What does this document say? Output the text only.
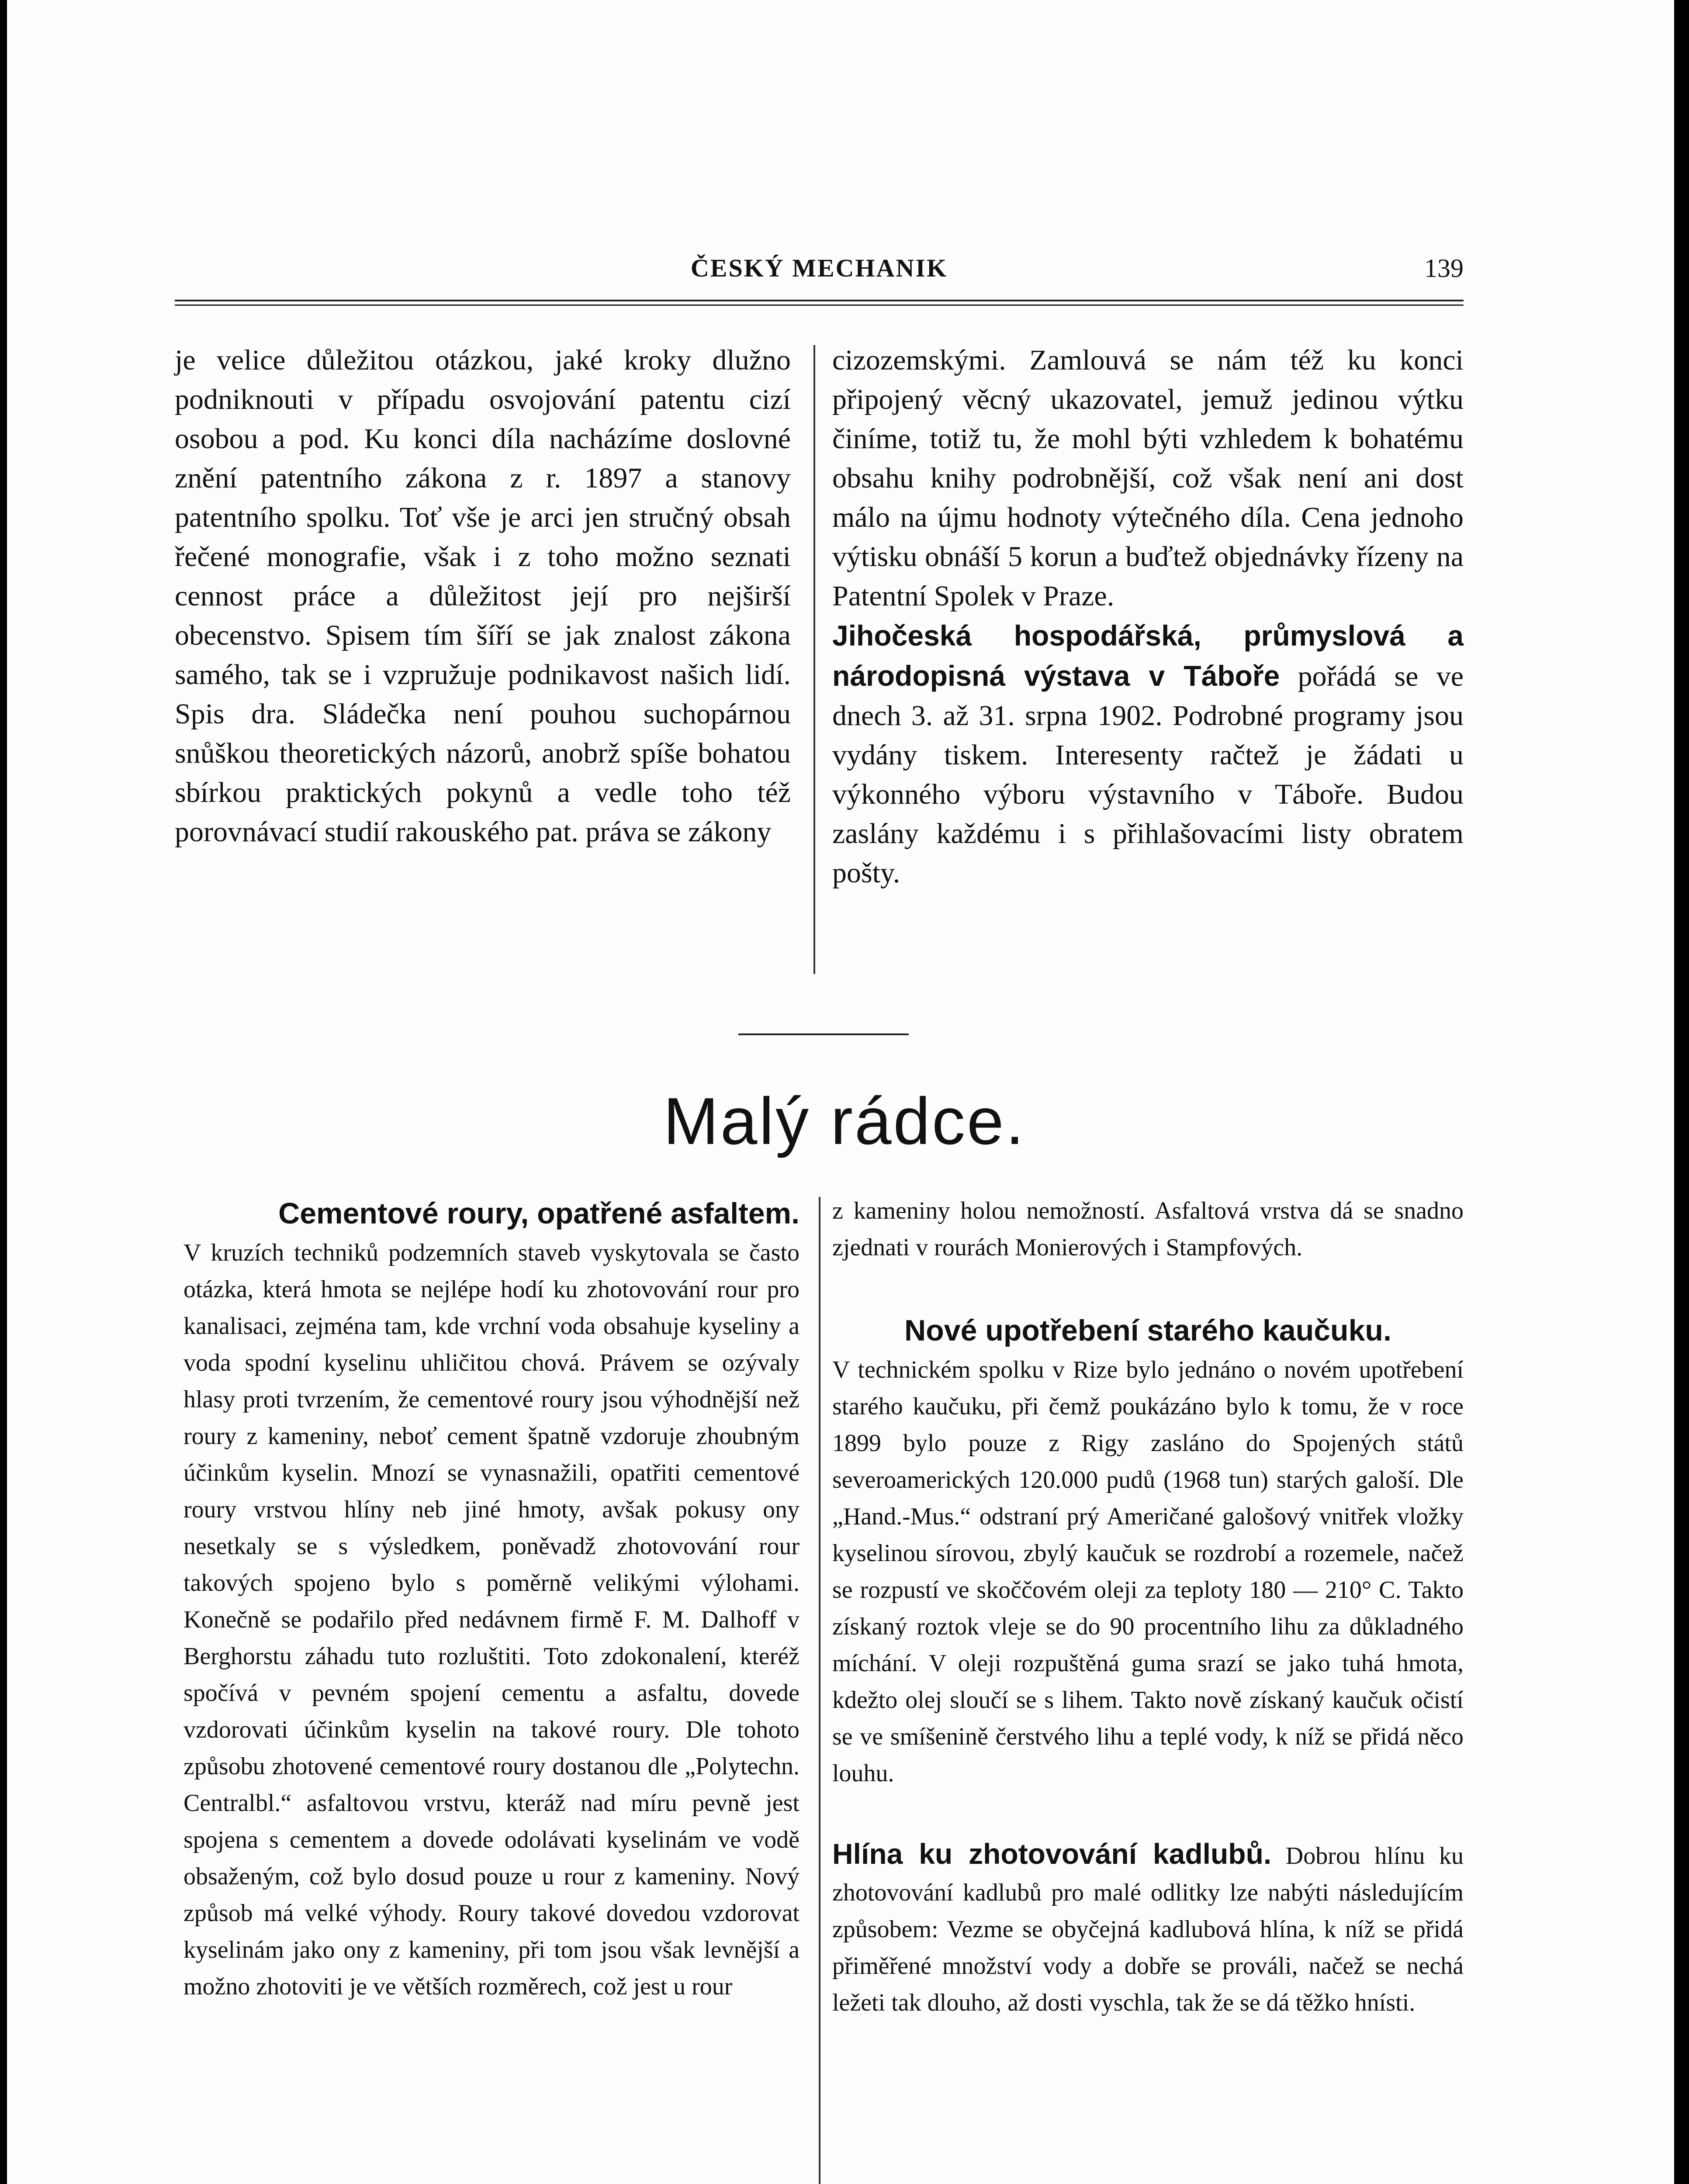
ČESKÝ MECHANIK	139

je velice důležitou otázkou, jaké kroky dlužno podniknouti v případu osvojování patentu cizí osobou a pod. Ku konci díla nacházíme doslovné znění patentního zákona z r. 1897 a stanovy patentního spolku. Toť vše je arci jen stručný obsah řečené monografie, však i z toho možno seznati cennost práce a důležitost její pro nejširší obecenstvo. Spisem tím šíří se jak znalost zákona samého, tak se i vzpružuje podnikavost našich lidí. Spis dra. Sládečka není pouhou suchopárnou snůškou theoretických názorů, anobrž spíše bohatou sbírkou praktických pokynů a vedle toho též porovnávací studií rakouského pat. práva se zákony

cizozemskými. Zamlouvá se nám též ku konci připojený věcný ukazovatel, jemuž jedinou výtku činíme, totiž tu, že mohl býti vzhledem k bohatému obsahu knihy podrobnější, což však není ani dost málo na újmu hodnoty výtečného díla. Cena jednoho výtisku obnáší 5 korun a buďtež objednávky řízeny na Patentní Spolek v Praze.

Jihočeská hospodářská, průmyslová a národopisná výstava v Táboře pořádá se ve dnech 3. až 31. srpna 1902. Podrobné programy jsou vydány tiskem. Interesenty račtež je žádati u výkonného výboru výstavního v Táboře. Budou zaslány každému i s přihlašovacími listy obratem pošty.

Malý rádce.
Cementové roury, opatřené asfaltem.

V kruzích techniků podzemních staveb vyskytovala se často otázka, která hmota se nejlépe hodí ku zhotovování rour pro kanalisaci, zejména tam, kde vrchní voda obsahuje kyseliny a voda spodní kyselinu uhličitou chová. Právem se ozývaly hlasy proti tvrzením, že cementové roury jsou výhodnější než roury z kameniny, neboť cement špatně vzdoruje zhoubným účinkům kyselin. Mnozí se vynasnažili, opatřiti cementové roury vrstvou hlíny neb jiné hmoty, avšak pokusy ony nesetkaly se s výsledkem, poněvadž zhotovování rour takových spojeno bylo s poměrně velikými výlohami. Konečně se podařilo před nedávnem firmě F. M. Dalhoff v Berghorstu záhadu tuto rozluštiti. Toto zdokonalení, kteréž spočívá v pevném spojení cementu a asfaltu, dovede vzdorovati účinkům kyselin na takové roury. Dle tohoto způsobu zhotovené cementové roury dostanou dle „Polytechn. Centralbl.“ asfaltovou vrstvu, kteráž nad míru pevně jest spojena s cementem a dovede odolávati kyselinám ve vodě obsaženým, což bylo dosud pouze u rour z kameniny. Nový způsob má velké výhody. Roury takové dovedou vzdorovat kyselinám jako ony z kameniny, při tom jsou však levnější a možno zhotoviti je ve větších rozměrech, což jest u rour

z kameniny holou nemožností. Asfaltová vrstva dá se snadno zjednati v rourách Monierových i Stampfových.

Nové upotřebení starého kaučuku.

V technickém spolku v Rize bylo jednáno o novém upotřebení starého kaučuku, při čemž poukázáno bylo k tomu, že v roce 1899 bylo pouze z Rigy zasláno do Spojených států severoamerických 120.000 pudů (1968 tun) starých galoší. Dle „Hand.-Mus.“ odstraní prý Američané galošový vnitřek vložky kyselinou sírovou, zbylý kaučuk se rozdrobí a rozemele, načež se rozpustí ve skoččovém oleji za teploty 180 — 210° C. Takto získaný roztok vleje se do 90 procentního lihu za důkladného míchání. V oleji rozpuštěná guma srazí se jako tuhá hmota, kdežto olej sloučí se s lihem. Takto nově získaný kaučuk očistí se ve smíšenině čerstvého lihu a teplé vody, k níž se přidá něco louhu.

Hlína ku zhotovování kadlubů. Dobrou hlínu ku zhotovování kadlubů pro malé odlitky lze nabýti následujícím způsobem: Vezme se obyčejná kadlubová hlína, k níž se přidá přiměřené množství vody a dobře se prováli, načež se nechá ležeti tak dlouho, až dosti vyschla, tak že se dá těžko hnísti.
